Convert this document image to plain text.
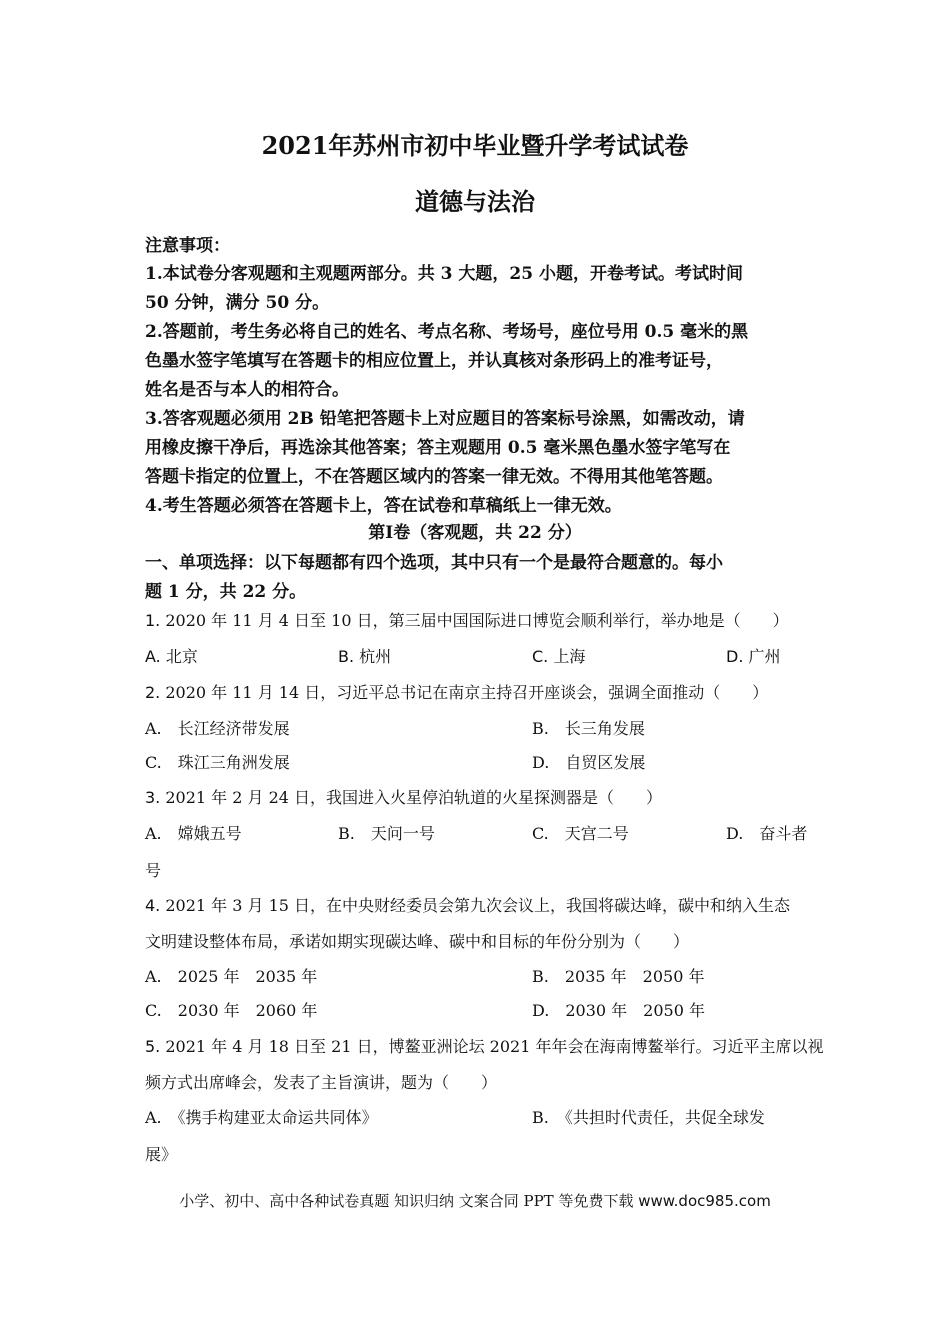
2021年苏州市初中毕业暨升学考试试卷
道德与法治
注意事项：
1.本试卷分客观题和主观题两部分。共 3 大题，25 小题，开卷考试。考试时间
50 分钟，满分 50 分。
2.答题前，考生务必将自己的姓名、考点名称、考场号，座位号用 0.5 毫米的黑
色墨水签字笔填写在答题卡的相应位置上，并认真核对条形码上的准考证号，
姓名是否与本人的相符合。
3.答客观题必须用 2B 铅笔把答题卡上对应题目的答案标号涂黑，如需改动，请
用橡皮擦干净后，再选涂其他答案；答主观题用 0.5 毫米黑色墨水签字笔写在
答题卡指定的位置上，不在答题区域内的答案一律无效。不得用其他笔答题。
4.考生答题必须答在答题卡上，答在试卷和草稿纸上一律无效。
第Ⅰ卷（客观题，共 22 分）
一、单项选择：以下每题都有四个选项，其中只有一个是最符合题意的。每小
题 1 分，共 22 分。
1. 2020 年 11 月 4 日至 10 日，第三届中国国际进口博览会顺利举行，举办地是（　　）
A. 北京	B. 杭州	C. 上海	D. 广州
2. 2020 年 11 月 14 日，习近平总书记在南京主持召开座谈会，强调全面推动（　　）
A.　 长江经济带发展	B.　 长三角发展
C.　 珠江三角洲发展	D.　 自贸区发展
3. 2021 年 2 月 24 日，我国进入火星停泊轨道的火星探测器是（　　）
A.　 嫦娥五号	B.　 天问一号	C.　 天宫二号	D.　 奋斗者
号
4. 2021 年 3 月 15 日，在中央财经委员会第九次会议上，我国将碳达峰，碳中和纳入生态
文明建设整体布局，承诺如期实现碳达峰、碳中和目标的年份分别为（　　）
A.　 2025 年　2035 年	B.　 2035 年　2050 年
C.　 2030 年　2060 年	D.　 2030 年　2050 年
5. 2021 年 4 月 18 日至 21 日，博鳌亚洲论坛 2021 年年会在海南博鳌举行。习近平主席以视
频方式出席峰会，发表了主旨演讲，题为（　　）
A.　 《携手构建亚太命运共同体》	B.　 《共担时代责任，共促全球发
展》
小学、初中、高中各种试卷真题 知识归纳 文案合同 PPT 等免费下载 www.doc985.com
